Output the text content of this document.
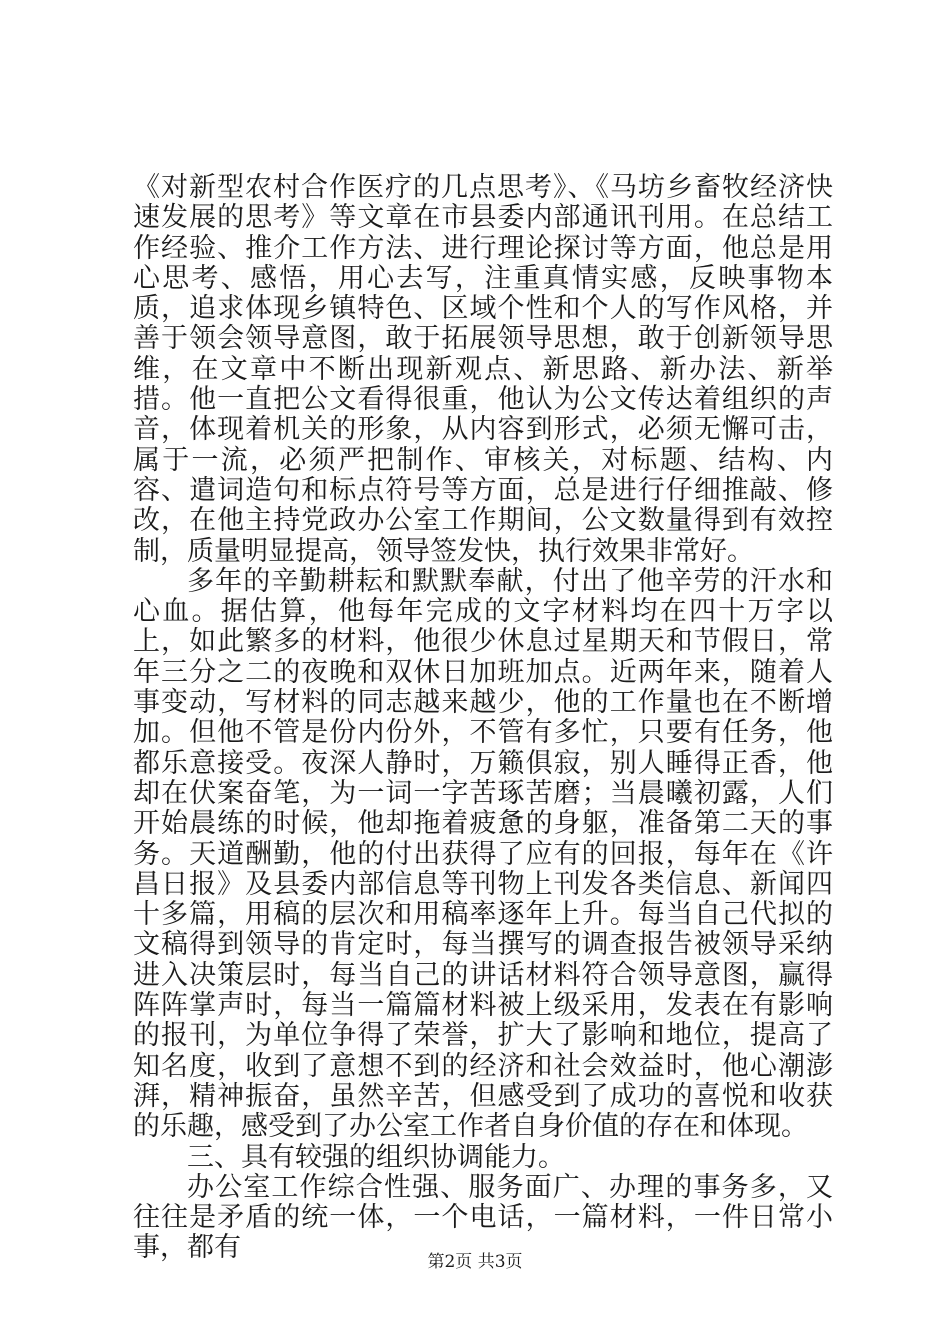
《对新型农村合作医疗的几点思考》、《马坊乡畜牧经济快速发展的思考》等文章在市县委内部通讯刊用。在总结工作经验、推介工作方法、进行理论探讨等方面，他总是用心思考、感悟，用心去写，注重真情实感，反映事物本质，追求体现乡镇特色、区域个性和个人的写作风格，并善于领会领导意图，敢于拓展领导思想，敢于创新领导思维，在文章中不断出现新观点、新思路、新办法、新举措。他一直把公文看得很重，他认为公文传达着组织的声音，体现着机关的形象，从内容到形式，必须无懈可击，属于一流，必须严把制作、审核关，对标题、结构、内容、遣词造句和标点符号等方面，总是进行仔细推敲、修改，在他主持党政办公室工作期间，公文数量得到有效控制，质量明显提高，领导签发快，执行效果非常好。

多年的辛勤耕耘和默默奉献，付出了他辛劳的汗水和心血。据估算，他每年完成的文字材料均在四十万字以上，如此繁多的材料，他很少休息过星期天和节假日，常年三分之二的夜晚和双休日加班加点。近两年来，随着人事变动，写材料的同志越来越少，他的工作量也在不断增加。但他不管是份内份外，不管有多忙，只要有任务，他都乐意接受。夜深人静时，万籁俱寂，别人睡得正香，他却在伏案奋笔，为一词一字苦琢苦磨；当晨曦初露，人们开始晨练的时候，他却拖着疲惫的身躯，准备第二天的事务。天道酬勤，他的付出获得了应有的回报，每年在《许昌日报》及县委内部信息等刊物上刊发各类信息、新闻四十多篇，用稿的层次和用稿率逐年上升。每当自己代拟的文稿得到领导的肯定时，每当撰写的调查报告被领导采纳进入决策层时，每当自己的讲话材料符合领导意图，赢得阵阵掌声时，每当一篇篇材料被上级采用，发表在有影响的报刊，为单位争得了荣誉，扩大了影响和地位，提高了知名度，收到了意想不到的经济和社会效益时，他心潮澎湃，精神振奋，虽然辛苦，但感受到了成功的喜悦和收获的乐趣，感受到了办公室工作者自身价值的存在和体现。

三、具有较强的组织协调能力。

办公室工作综合性强、服务面广、办理的事务多，又往往是矛盾的统一体，一个电话，一篇材料，一件日常小事，都有	第2页 共3页
